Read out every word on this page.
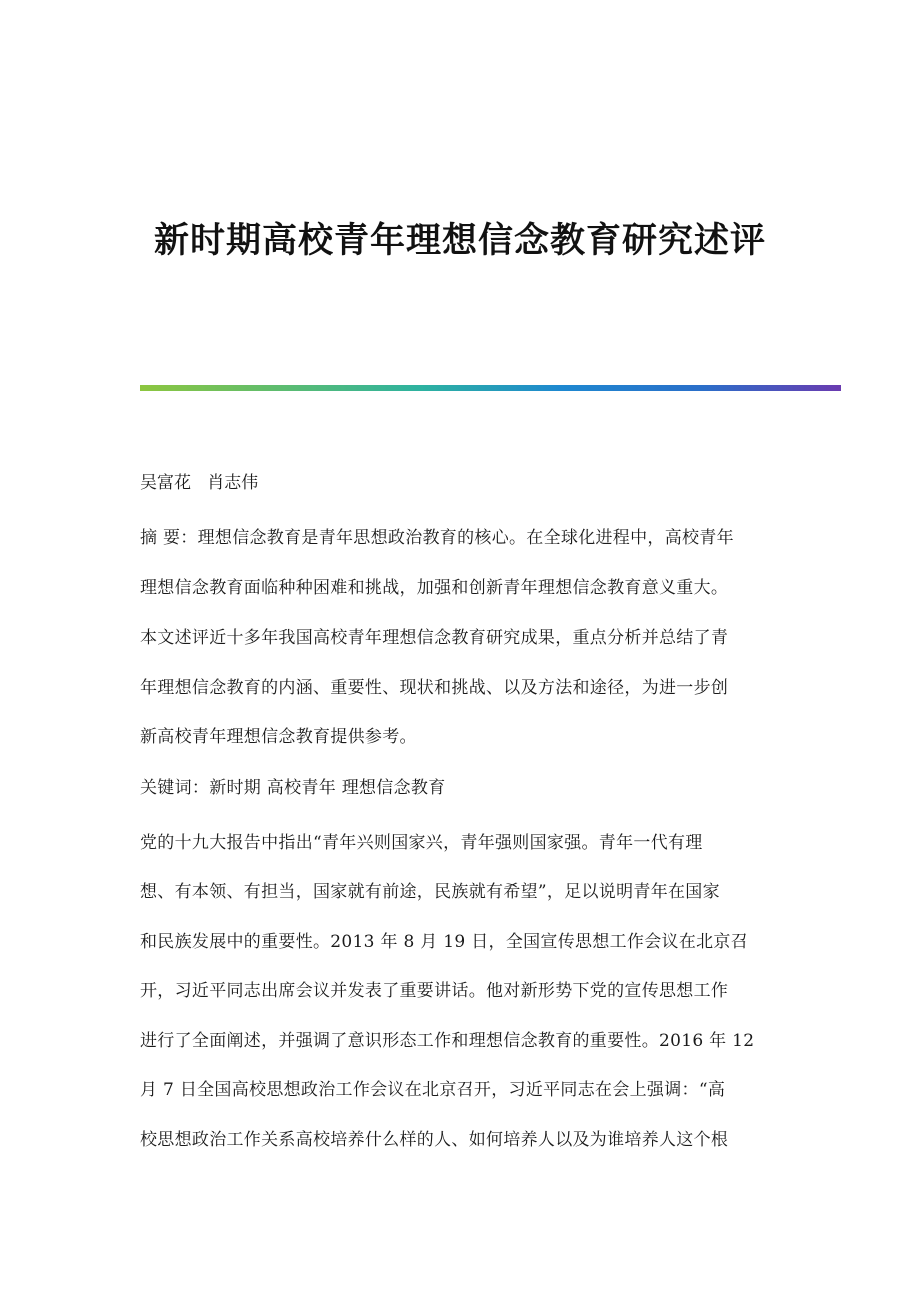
新时期高校青年理想信念教育研究述评
吴富花   肖志伟
摘 要：理想信念教育是青年思想政治教育的核心。在全球化进程中，高校青年
理想信念教育面临种种困难和挑战，加强和创新青年理想信念教育意义重大。
本文述评近十多年我国高校青年理想信念教育研究成果，重点分析并总结了青
年理想信念教育的内涵、重要性、现状和挑战、以及方法和途径，为进一步创
新高校青年理想信念教育提供参考。
关键词：新时期 高校青年 理想信念教育
党的十九大报告中指出“青年兴则国家兴，青年强则国家强。青年一代有理
想、有本领、有担当，国家就有前途，民族就有希望”，足以说明青年在国家
和民族发展中的重要性。2013 年 8 月 19 日，全国宣传思想工作会议在北京召
开，习近平同志出席会议并发表了重要讲话。他对新形势下党的宣传思想工作
进行了全面阐述，并强调了意识形态工作和理想信念教育的重要性。2016 年 12
月 7 日全国高校思想政治工作会议在北京召开，习近平同志在会上强调：“高
校思想政治工作关系高校培养什么样的人、如何培养人以及为谁培养人这个根
